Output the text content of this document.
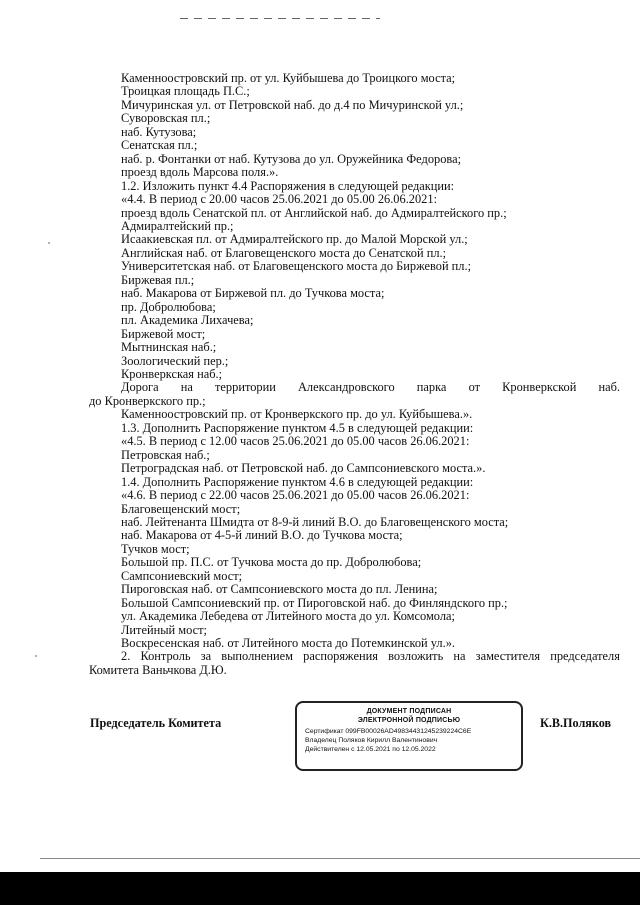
Каменноостровский пр. от ул. Куйбышева до Троицкого моста;
Троицкая площадь П.С.;
Мичуринская ул. от Петровской наб. до д.4 по Мичуринской ул.;
Суворовская пл.;
наб. Кутузова;
Сенатская пл.;
наб. р. Фонтанки от наб. Кутузова до ул. Оружейника Федорова;
проезд вдоль Марсова поля.».
1.2. Изложить пункт 4.4 Распоряжения в следующей редакции:
«4.4. В период с 20.00 часов 25.06.2021 до 05.00 26.06.2021:
проезд вдоль Сенатской пл. от Английской наб. до Адмиралтейского пр.;
Адмиралтейский пр.;
Исаакиевская пл. от Адмиралтейского пр. до Малой Морской ул.;
Английская наб. от Благовещенского моста до Сенатской пл.;
Университетская наб. от Благовещенского моста до Биржевой пл.;
Биржевая пл.;
наб. Макарова от Биржевой пл. до Тучкова моста;
пр. Добролюбова;
пл. Академика Лихачева;
Биржевой мост;
Мытнинская наб.;
Зоологический пер.;
Кронверкская наб.;
Дорога на территории Александровского парка от Кронверкской наб.
до Кронверкского пр.;
Каменноостровский пр. от Кронверкского пр. до ул. Куйбышева.».
1.3. Дополнить Распоряжение пунктом 4.5 в следующей редакции:
«4.5. В период с 12.00 часов 25.06.2021 до 05.00 часов 26.06.2021:
Петровская наб.;
Петроградская наб. от Петровской наб. до Сампсониевского моста.».
1.4. Дополнить Распоряжение пунктом 4.6 в следующей редакции:
«4.6. В период с 22.00 часов 25.06.2021 до 05.00 часов 26.06.2021:
Благовещенский мост;
наб. Лейтенанта Шмидта от 8-9-й линий В.О. до Благовещенского моста;
наб. Макарова от 4-5-й линий В.О. до Тучкова моста;
Тучков мост;
Большой пр. П.С. от Тучкова моста до пр. Добролюбова;
Сампсониевский мост;
Пироговская наб. от Сампсониевского моста до пл. Ленина;
Большой Сампсониевский пр. от Пироговской наб. до Финляндского пр.;
ул. Академика Лебедева от Литейного моста до ул. Комсомола;
Литейный мост;
Воскресенская наб. от Литейного моста до Потемкинской ул.».
2. Контроль за выполнением распоряжения возложить на заместителя председателя
Комитета Ваньчкова Д.Ю.
Председатель Комитета	К.В.Поляков
ДОКУМЕНТ ПОДПИСАН
ЭЛЕКТРОННОЙ ПОДПИСЬЮ
Сертификат 099FB00026AD49834431245239224C6E
Владелец Поляков Кирилл Валентинович
Действителен с 12.05.2021 по 12.05.2022
